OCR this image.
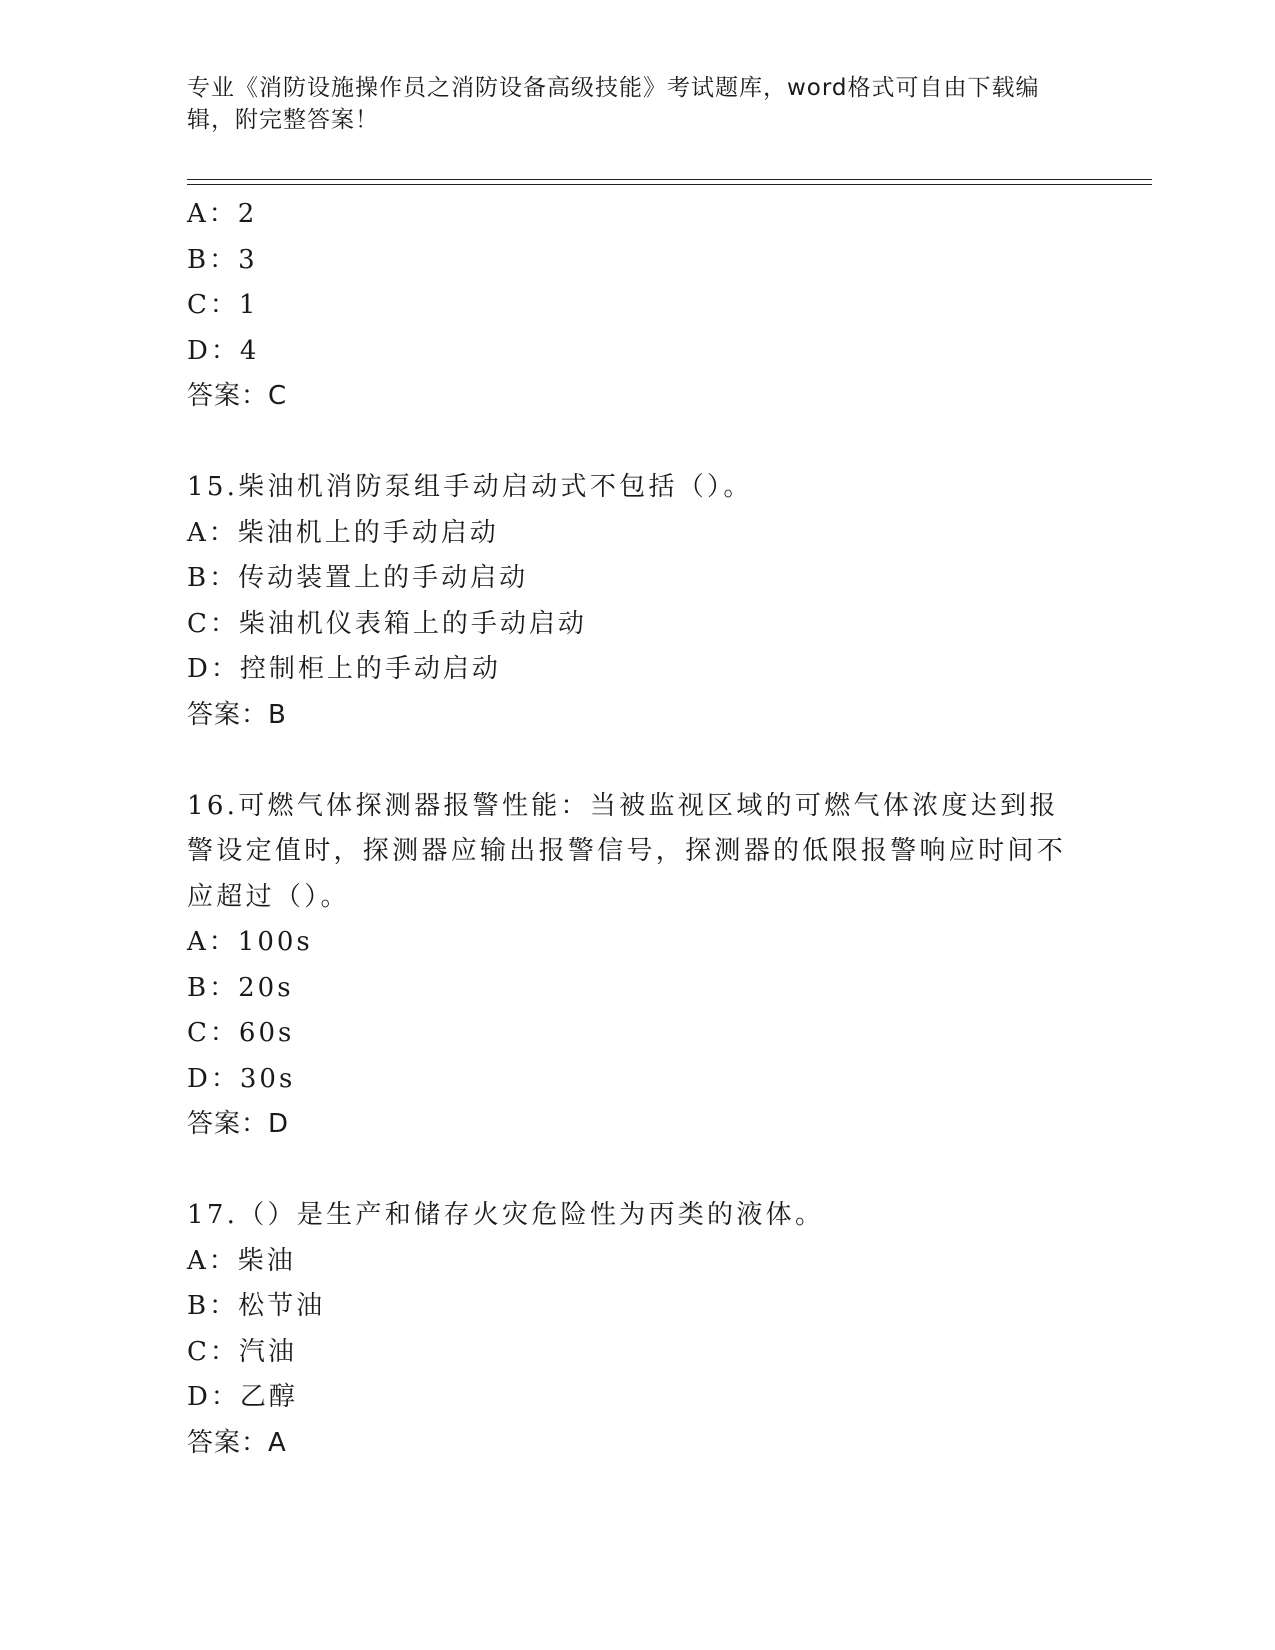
专业《消防设施操作员之消防设备高级技能》考试题库，word格式可自由下载编辑，附完整答案！
A：2
B：3
C：1
D：4
答案：C
15.柴油机消防泵组手动启动式不包括（）。
A：柴油机上的手动启动
B：传动装置上的手动启动
C：柴油机仪表箱上的手动启动
D：控制柜上的手动启动
答案：B
16.可燃气体探测器报警性能：当被监视区域的可燃气体浓度达到报警设定值时，探测器应输出报警信号，探测器的低限报警响应时间不应超过（）。
A：100s
B：20s
C：60s
D：30s
答案：D
17.（）是生产和储存火灾危险性为丙类的液体。
A：柴油
B：松节油
C：汽油
D：乙醇
答案：A
